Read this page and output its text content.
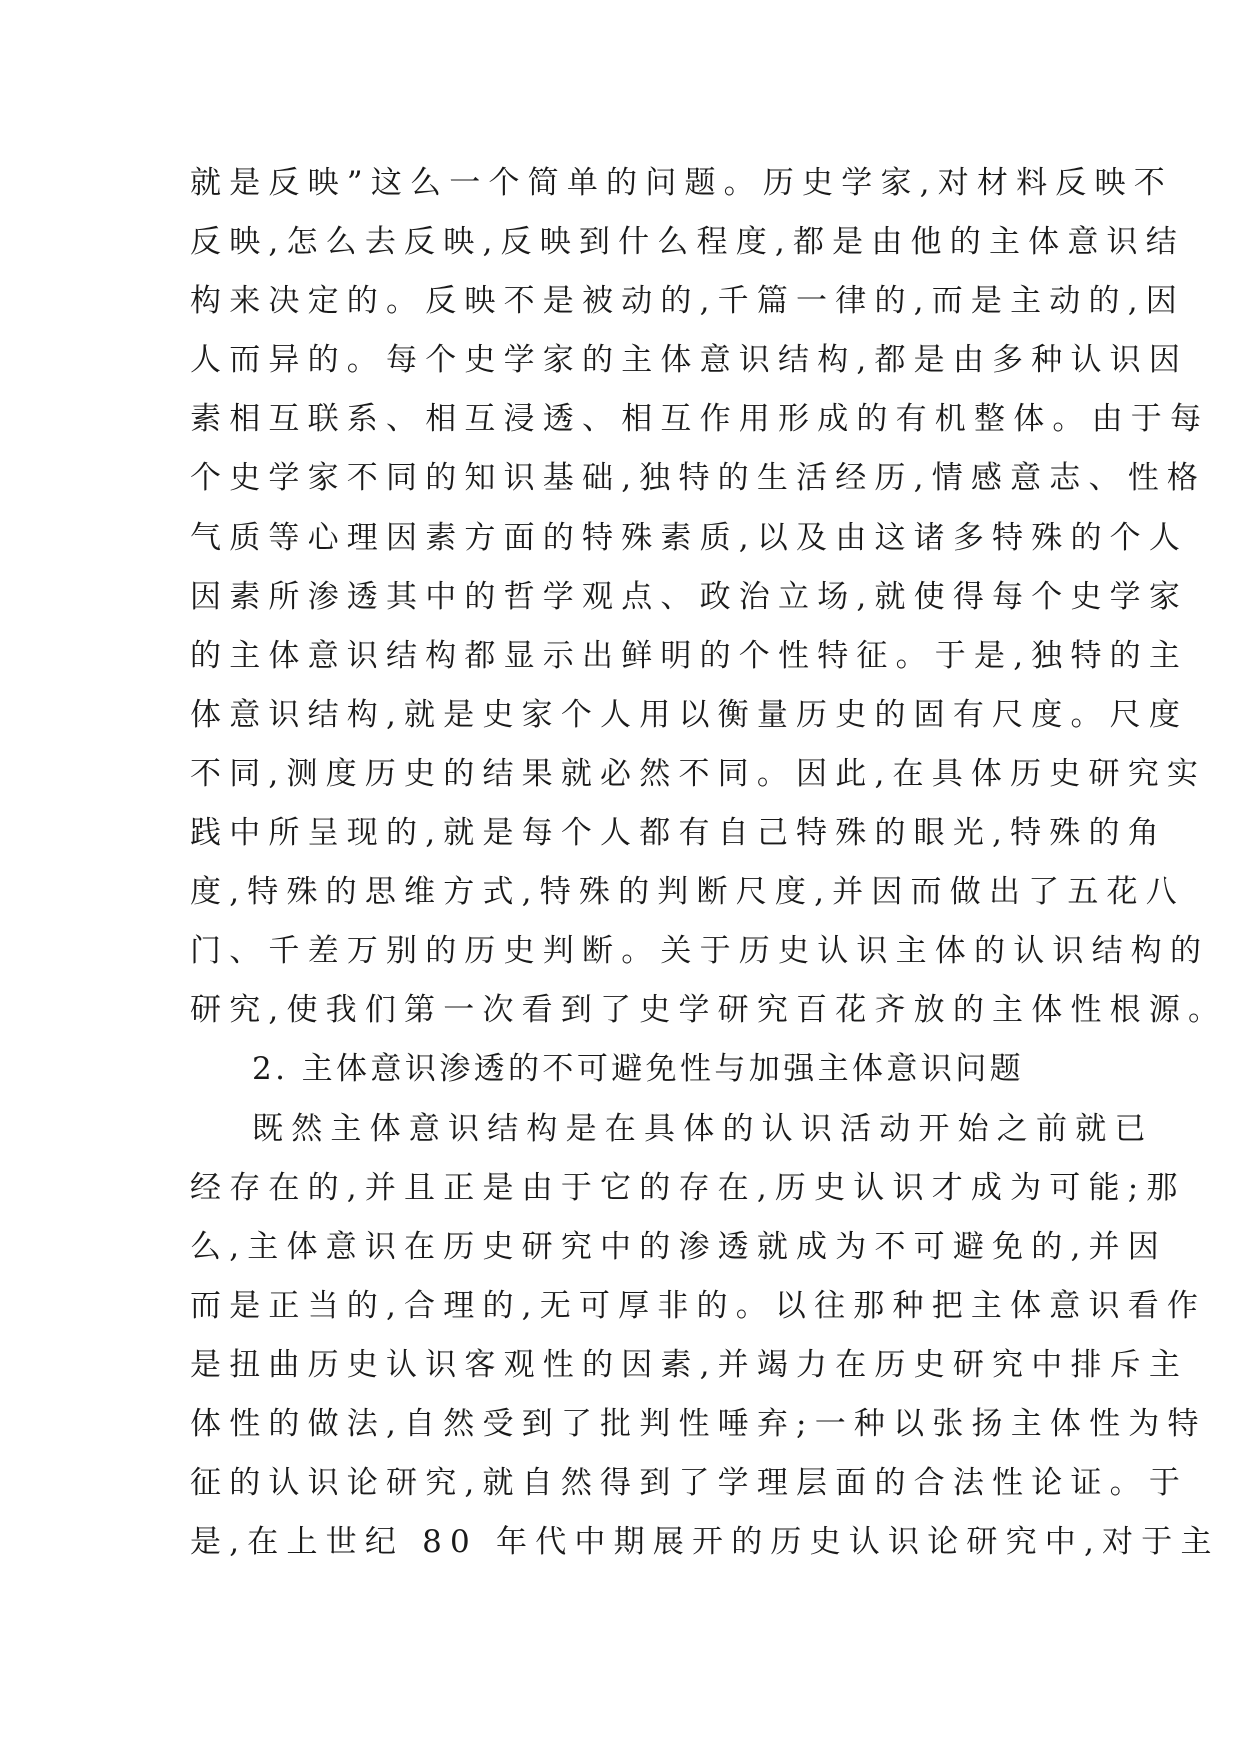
就是反映”这么一个简单的问题。历史学家,对材料反映不
反映,怎么去反映,反映到什么程度,都是由他的主体意识结
构来决定的。反映不是被动的,千篇一律的,而是主动的,因
人而异的。每个史学家的主体意识结构,都是由多种认识因
素相互联系、相互浸透、相互作用形成的有机整体。由于每
个史学家不同的知识基础,独特的生活经历,情感意志、性格
气质等心理因素方面的特殊素质,以及由这诸多特殊的个人
因素所渗透其中的哲学观点、政治立场,就使得每个史学家
的主体意识结构都显示出鲜明的个性特征。于是,独特的主
体意识结构,就是史家个人用以衡量历史的固有尺度。尺度
不同,测度历史的结果就必然不同。因此,在具体历史研究实
践中所呈现的,就是每个人都有自己特殊的眼光,特殊的角
度,特殊的思维方式,特殊的判断尺度,并因而做出了五花八
门、千差万别的历史判断。关于历史认识主体的认识结构的
研究,使我们第一次看到了史学研究百花齐放的主体性根源。
2. 主体意识渗透的不可避免性与加强主体意识问题
既然主体意识结构是在具体的认识活动开始之前就已
经存在的,并且正是由于它的存在,历史认识才成为可能;那
么,主体意识在历史研究中的渗透就成为不可避免的,并因
而是正当的,合理的,无可厚非的。以往那种把主体意识看作
是扭曲历史认识客观性的因素,并竭力在历史研究中排斥主
体性的做法,自然受到了批判性唾弃;一种以张扬主体性为特
征的认识论研究,就自然得到了学理层面的合法性论证。于
是,在上世纪 80 年代中期展开的历史认识论研究中,对于主
